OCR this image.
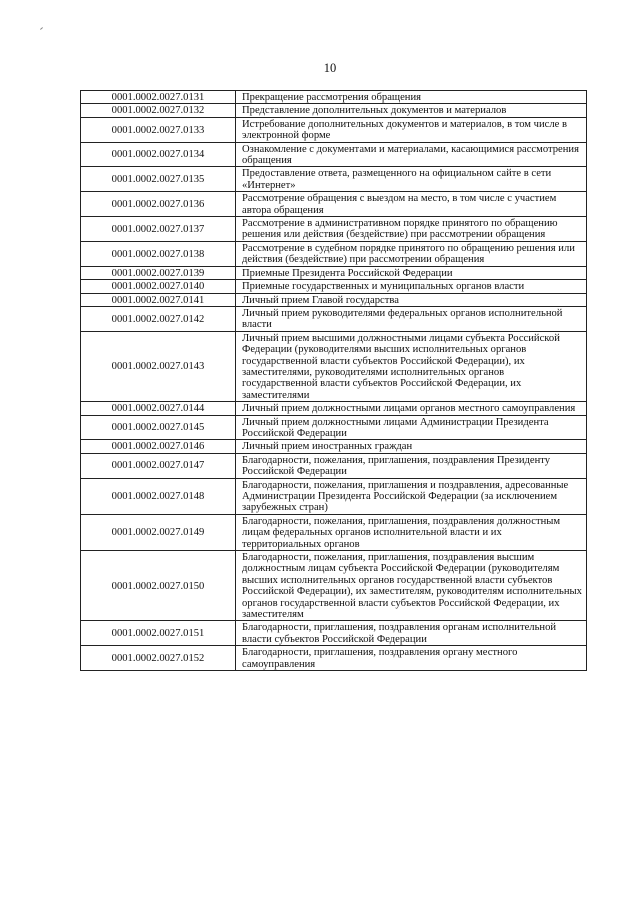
10
0001.0002.0027.0131	Прекращение рассмотрения обращения
0001.0002.0027.0132	Представление дополнительных документов и материалов
0001.0002.0027.0133	Истребование дополнительных документов и материалов, в том числе в электронной форме
0001.0002.0027.0134	Ознакомление с документами и материалами, касающимися рассмотрения обращения
0001.0002.0027.0135	Предоставление ответа, размещенного на официальном сайте в сети «Интернет»
0001.0002.0027.0136	Рассмотрение обращения с выездом на место, в том числе с участием автора обращения
0001.0002.0027.0137	Рассмотрение в административном порядке принятого по обращению решения или действия (бездействие) при рассмотрении обращения
0001.0002.0027.0138	Рассмотрение в судебном порядке принятого по обращению решения или действия (бездействие) при рассмотрении обращения
0001.0002.0027.0139	Приемные Президента Российской Федерации
0001.0002.0027.0140	Приемные государственных и муниципальных органов власти
0001.0002.0027.0141	Личный прием Главой государства
0001.0002.0027.0142	Личный прием руководителями федеральных органов исполнительной власти
0001.0002.0027.0143	Личный прием высшими должностными лицами субъекта Российской Федерации (руководителями высших исполнительных органов государственной власти субъектов Российской Федерации), их заместителями, руководителями исполнительных органов государственной власти субъектов Российской Федерации, их заместителями
0001.0002.0027.0144	Личный прием должностными лицами органов местного самоуправления
0001.0002.0027.0145	Личный прием должностными лицами Администрации Президента Российской Федерации
0001.0002.0027.0146	Личный прием иностранных граждан
0001.0002.0027.0147	Благодарности, пожелания, приглашения, поздравления Президенту Российской Федерации
0001.0002.0027.0148	Благодарности, пожелания, приглашения и поздравления, адресованные Администрации Президента Российской Федерации (за исключением зарубежных стран)
0001.0002.0027.0149	Благодарности, пожелания, приглашения, поздравления должностным лицам федеральных органов исполнительной власти и их территориальных органов
0001.0002.0027.0150	Благодарности, пожелания, приглашения, поздравления высшим должностным лицам субъекта Российской Федерации (руководителям высших исполнительных органов государственной власти субъектов Российской Федерации), их заместителям, руководителям исполнительных органов государственной власти субъектов Российской Федерации, их заместителям
0001.0002.0027.0151	Благодарности, приглашения, поздравления органам исполнительной власти субъектов Российской Федерации
0001.0002.0027.0152	Благодарности, приглашения, поздравления органу местного самоуправления
